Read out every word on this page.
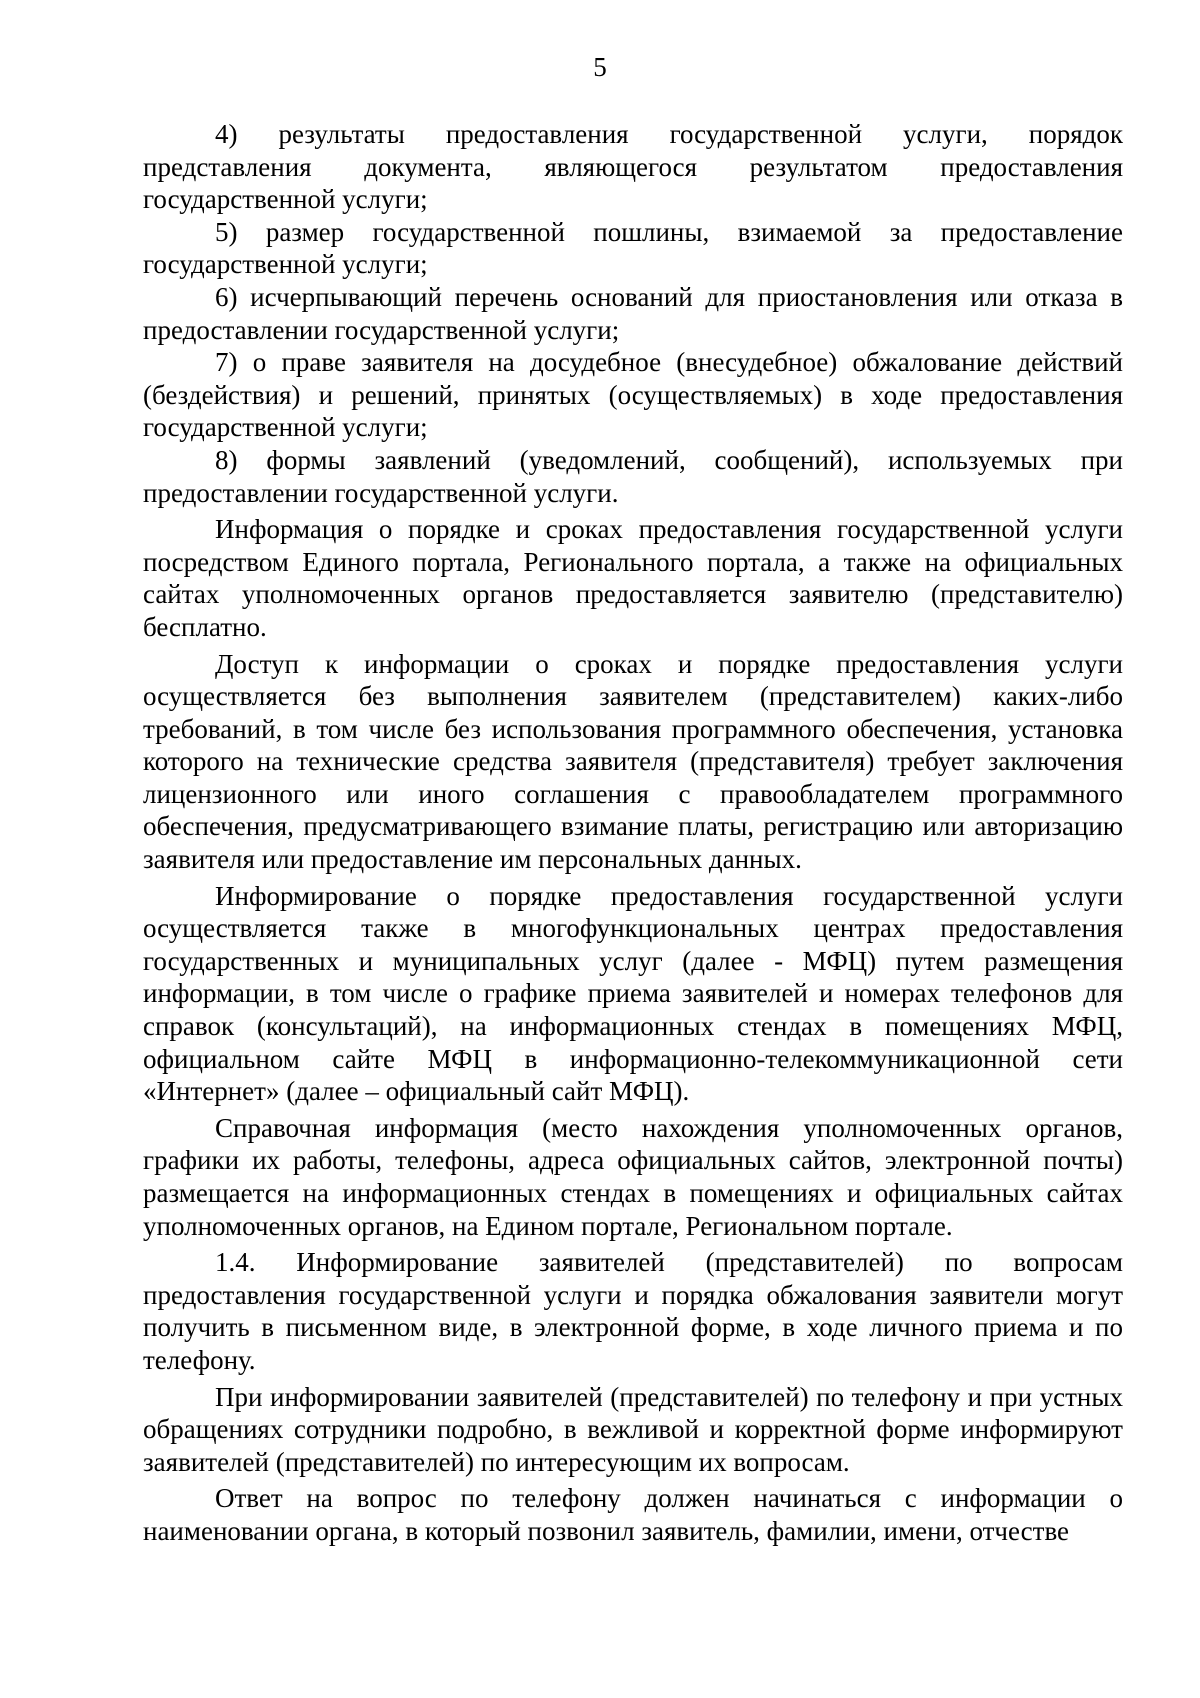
5

4) результаты предоставления государственной услуги, порядок представления документа, являющегося результатом предоставления государственной услуги;

5) размер государственной пошлины, взимаемой за предоставление государственной услуги;

6) исчерпывающий перечень оснований для приостановления или отказа в предоставлении государственной услуги;

7) о праве заявителя на досудебное (внесудебное) обжалование действий (бездействия) и решений, принятых (осуществляемых) в ходе предоставления государственной услуги;

8) формы заявлений (уведомлений, сообщений), используемых при предоставлении государственной услуги.

Информация о порядке и сроках предоставления государственной услуги посредством Единого портала, Регионального портала, а также на официальных сайтах уполномоченных органов предоставляется заявителю (представителю) бесплатно.

Доступ к информации о сроках и порядке предоставления услуги осуществляется без выполнения заявителем (представителем) каких-либо требований, в том числе без использования программного обеспечения, установка которого на технические средства заявителя (представителя) требует заключения лицензионного или иного соглашения с правообладателем программного обеспечения, предусматривающего взимание платы, регистрацию или авторизацию заявителя или предоставление им персональных данных.

Информирование о порядке предоставления государственной услуги осуществляется также в многофункциональных центрах предоставления государственных и муниципальных услуг (далее - МФЦ) путем размещения информации, в том числе о графике приема заявителей и номерах телефонов для справок (консультаций), на информационных стендах в помещениях МФЦ, официальном сайте МФЦ в информационно-телекоммуникационной сети «Интернет» (далее – официальный сайт МФЦ).

Справочная информация (место нахождения уполномоченных органов, графики их работы, телефоны, адреса официальных сайтов, электронной почты) размещается на информационных стендах в помещениях и официальных сайтах уполномоченных органов, на Едином портале, Региональном портале.

1.4. Информирование заявителей (представителей) по вопросам предоставления государственной услуги и порядка обжалования заявители могут получить в письменном виде, в электронной форме, в ходе личного приема и по телефону.

При информировании заявителей (представителей) по телефону и при устных обращениях сотрудники подробно, в вежливой и корректной форме информируют заявителей (представителей) по интересующим их вопросам.

Ответ на вопрос по телефону должен начинаться с информации о наименовании органа, в который позвонил заявитель, фамилии, имени, отчестве
